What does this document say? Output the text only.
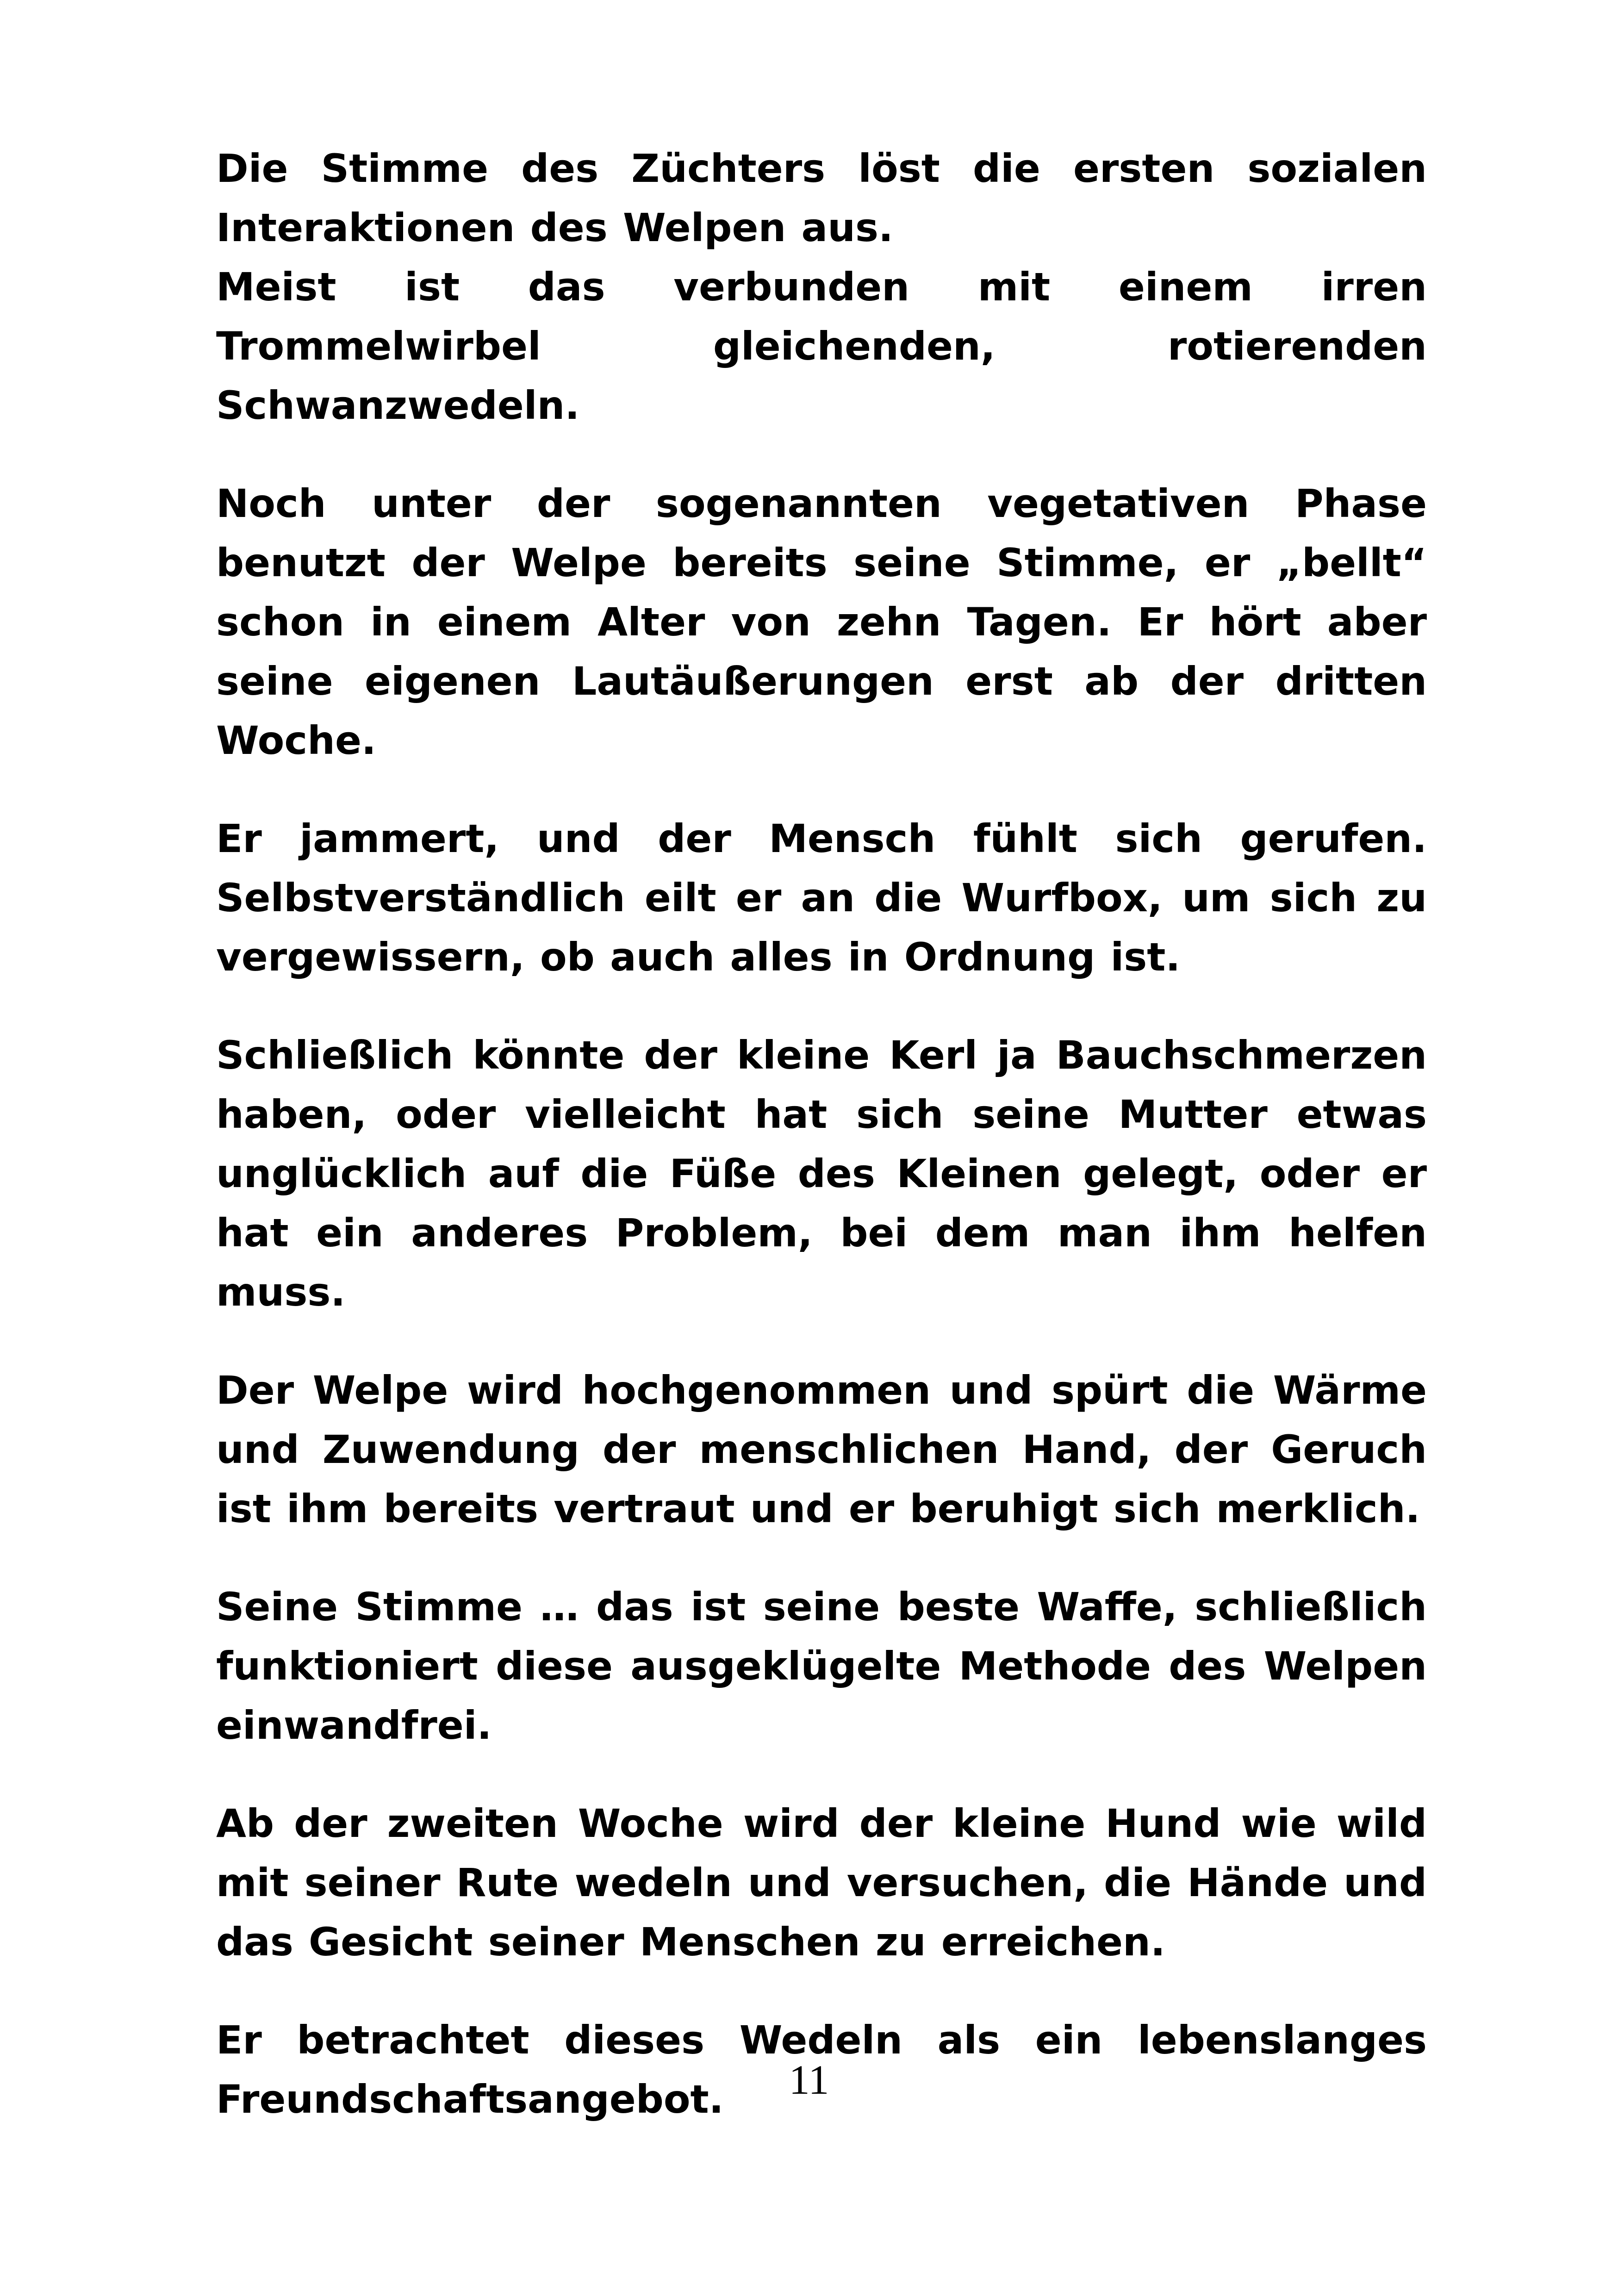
Die Stimme des Züchters löst die ersten sozialen Interaktionen des Welpen aus.

Meist ist das verbunden mit einem irren Trommelwirbel gleichenden, rotierenden Schwanzwedeln.

Noch unter der sogenannten vegetativen Phase benutzt der Welpe bereits seine Stimme, er „bellt“ schon in einem Alter von zehn Tagen. Er hört aber seine eigenen Lautäußerungen erst ab der dritten Woche.

Er jammert, und der Mensch fühlt sich gerufen. Selbstverständlich eilt er an die Wurfbox, um sich zu vergewissern, ob auch alles in Ordnung ist.

Schließlich könnte der kleine Kerl ja Bauchschmerzen haben, oder vielleicht hat sich seine Mutter etwas unglücklich auf die Füße des Kleinen gelegt, oder er hat ein anderes Problem, bei dem man ihm helfen muss.

Der Welpe wird hochgenommen und spürt die Wärme und Zuwendung der menschlichen Hand, der Geruch ist ihm bereits vertraut und er beruhigt sich merklich.

Seine Stimme … das ist seine beste Waffe, schließlich funktioniert diese ausgeklügelte Methode des Welpen einwandfrei.

Ab der zweiten Woche wird der kleine Hund wie wild mit seiner Rute wedeln und versuchen, die Hände und das Gesicht seiner Menschen zu erreichen.

Er betrachtet dieses Wedeln als ein lebenslanges Freundschaftsangebot.	11
